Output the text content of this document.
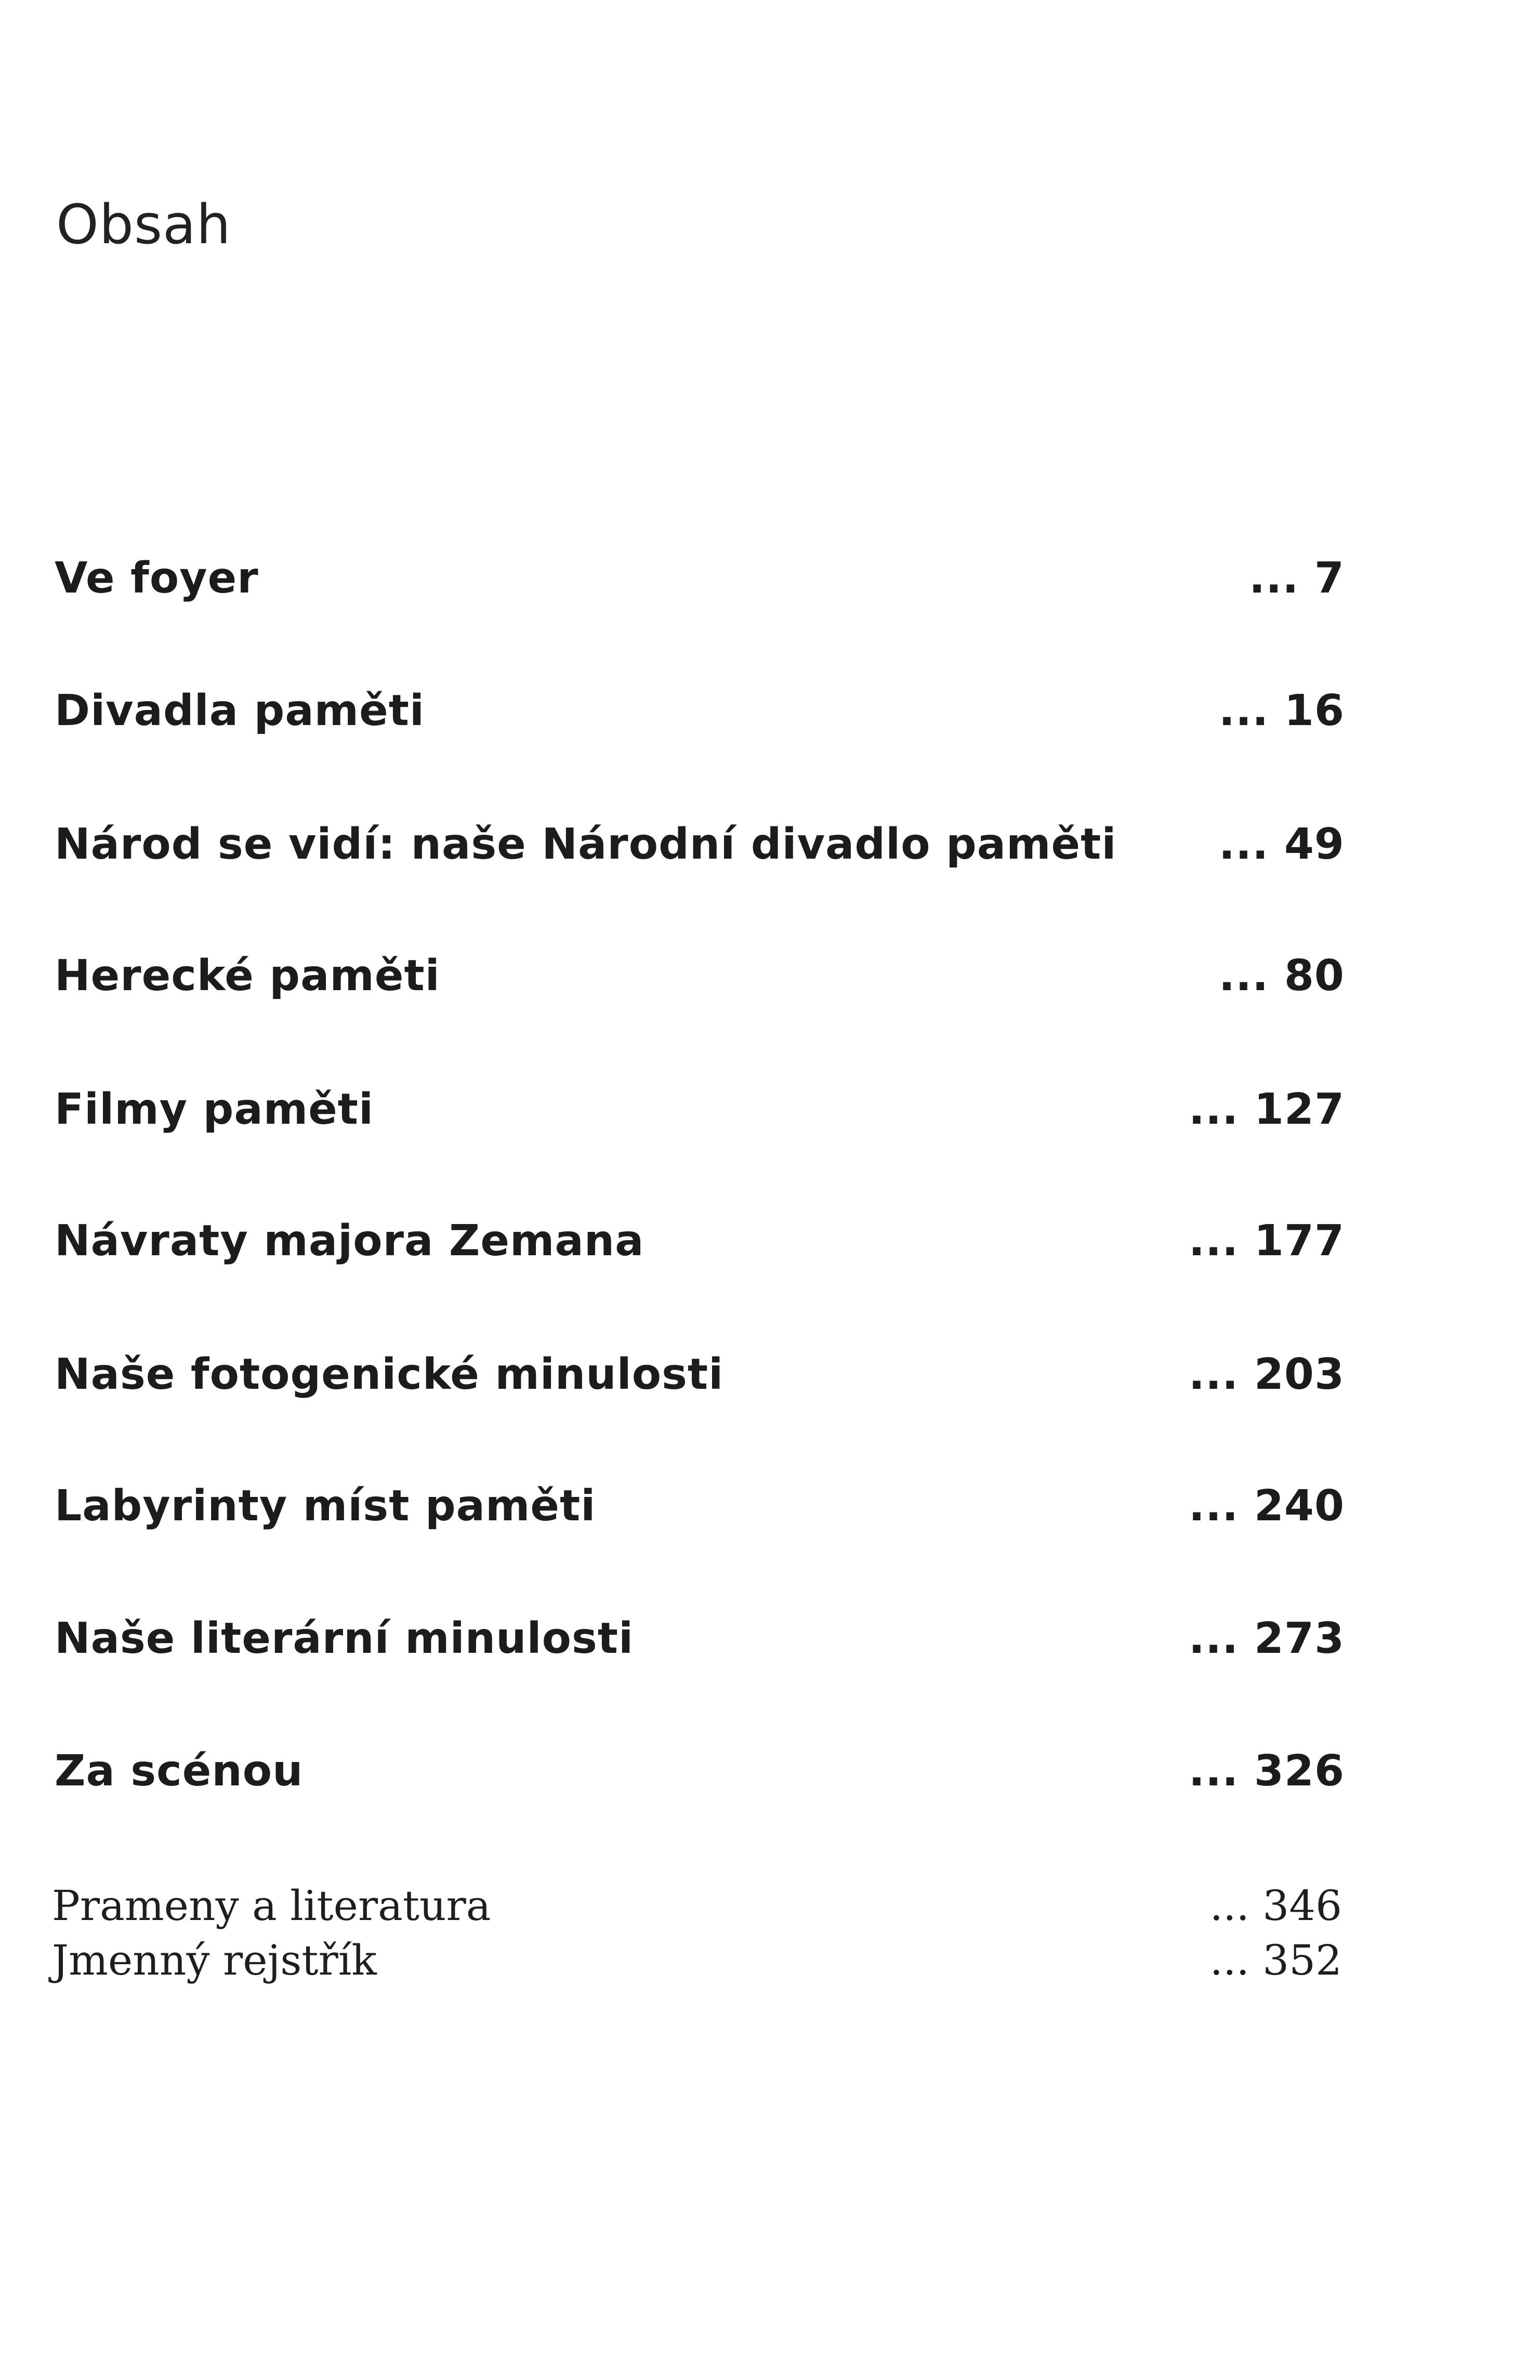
Obsah
Ve foyer	... 7
Divadla paměti	... 16
Národ se vidí: naše Národní divadlo paměti ... 49
Herecké paměti	... 80
Filmy paměti	... 127
Návraty majora Zemana	... 177
Naše fotogenické minulosti	... 203
Labyrinty míst paměti	... 240
Naše literární minulosti	... 273
Za scénou	... 326
Prameny a literatura	... 346
Jmenný rejstřík	... 352
